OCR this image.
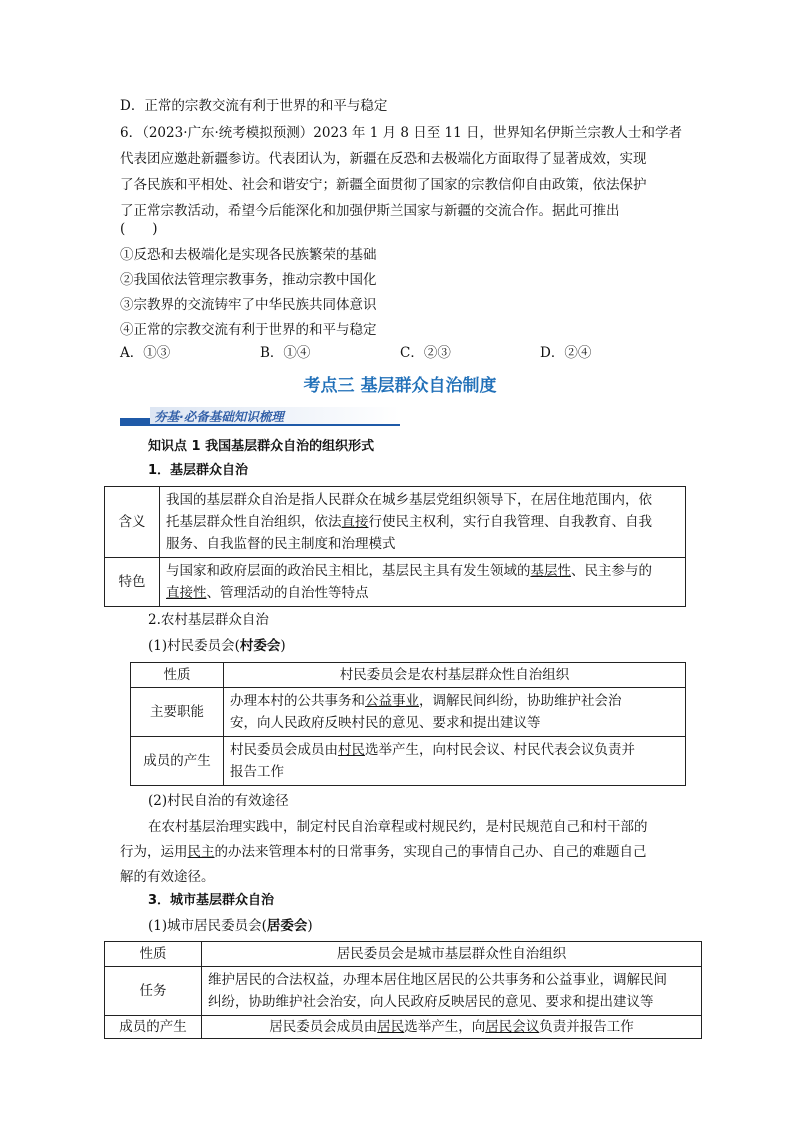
D．正常的宗教交流有利于世界的和平与稳定
6．（2023·广东·统考模拟预测）2023 年 1 月 8 日至 11 日，世界知名伊斯兰宗教人士和学者
代表团应邀赴新疆参访。代表团认为，新疆在反恐和去极端化方面取得了显著成效，实现
了各民族和平相处、社会和谐安宁；新疆全面贯彻了国家的宗教信仰自由政策，依法保护
了正常宗教活动，希望今后能深化和加强伊斯兰国家与新疆的交流合作。据此可推出
(　　)
①反恐和去极端化是实现各民族繁荣的基础
②我国依法管理宗教事务，推动宗教中国化
③宗教界的交流铸牢了中华民族共同体意识
④正常的宗教交流有利于世界的和平与稳定
A．①③	B．①④	C．②③	D．②④
考点三 基层群众自治制度
夯基·必备基础知识梳理
知识点 1 我国基层群众自治的组织形式
1．基层群众自治
含义	我国的基层群众自治是指人民群众在城乡基层党组织领导下，在居住地范围内，依
托基层群众性自治组织，依法直接行使民主权利，实行自我管理、自我教育、自我
服务、自我监督的民主制度和治理模式

特色	与国家和政府层面的政治民主相比，基层民主具有发生领域的基层性、民主参与的
直接性、管理活动的自治性等特点
2.农村基层群众自治
(1)村民委员会(村委会)
性质	村民委员会是农村基层群众性自治组织
主要职能	办理本村的公共事务和公益事业，调解民间纠纷，协助维护社会治
安，向人民政府反映村民的意见、要求和提出建议等

成员的产生	村民委员会成员由村民选举产生，向村民会议、村民代表会议负责并
报告工作
(2)村民自治的有效途径
在农村基层治理实践中，制定村民自治章程或村规民约，是村民规范自己和村干部的
行为，运用民主的办法来管理本村的日常事务，实现自己的事情自己办、自己的难题自己
解的有效途径。
3．城市基层群众自治
(1)城市居民委员会(居委会)
性质	居民委员会是城市基层群众性自治组织
任务	维护居民的合法权益，办理本居住地区居民的公共事务和公益事业，调解民间
纠纷，协助维护社会治安，向人民政府反映居民的意见、要求和提出建议等

成员的产生	居民委员会成员由居民选举产生，向居民会议负责并报告工作
